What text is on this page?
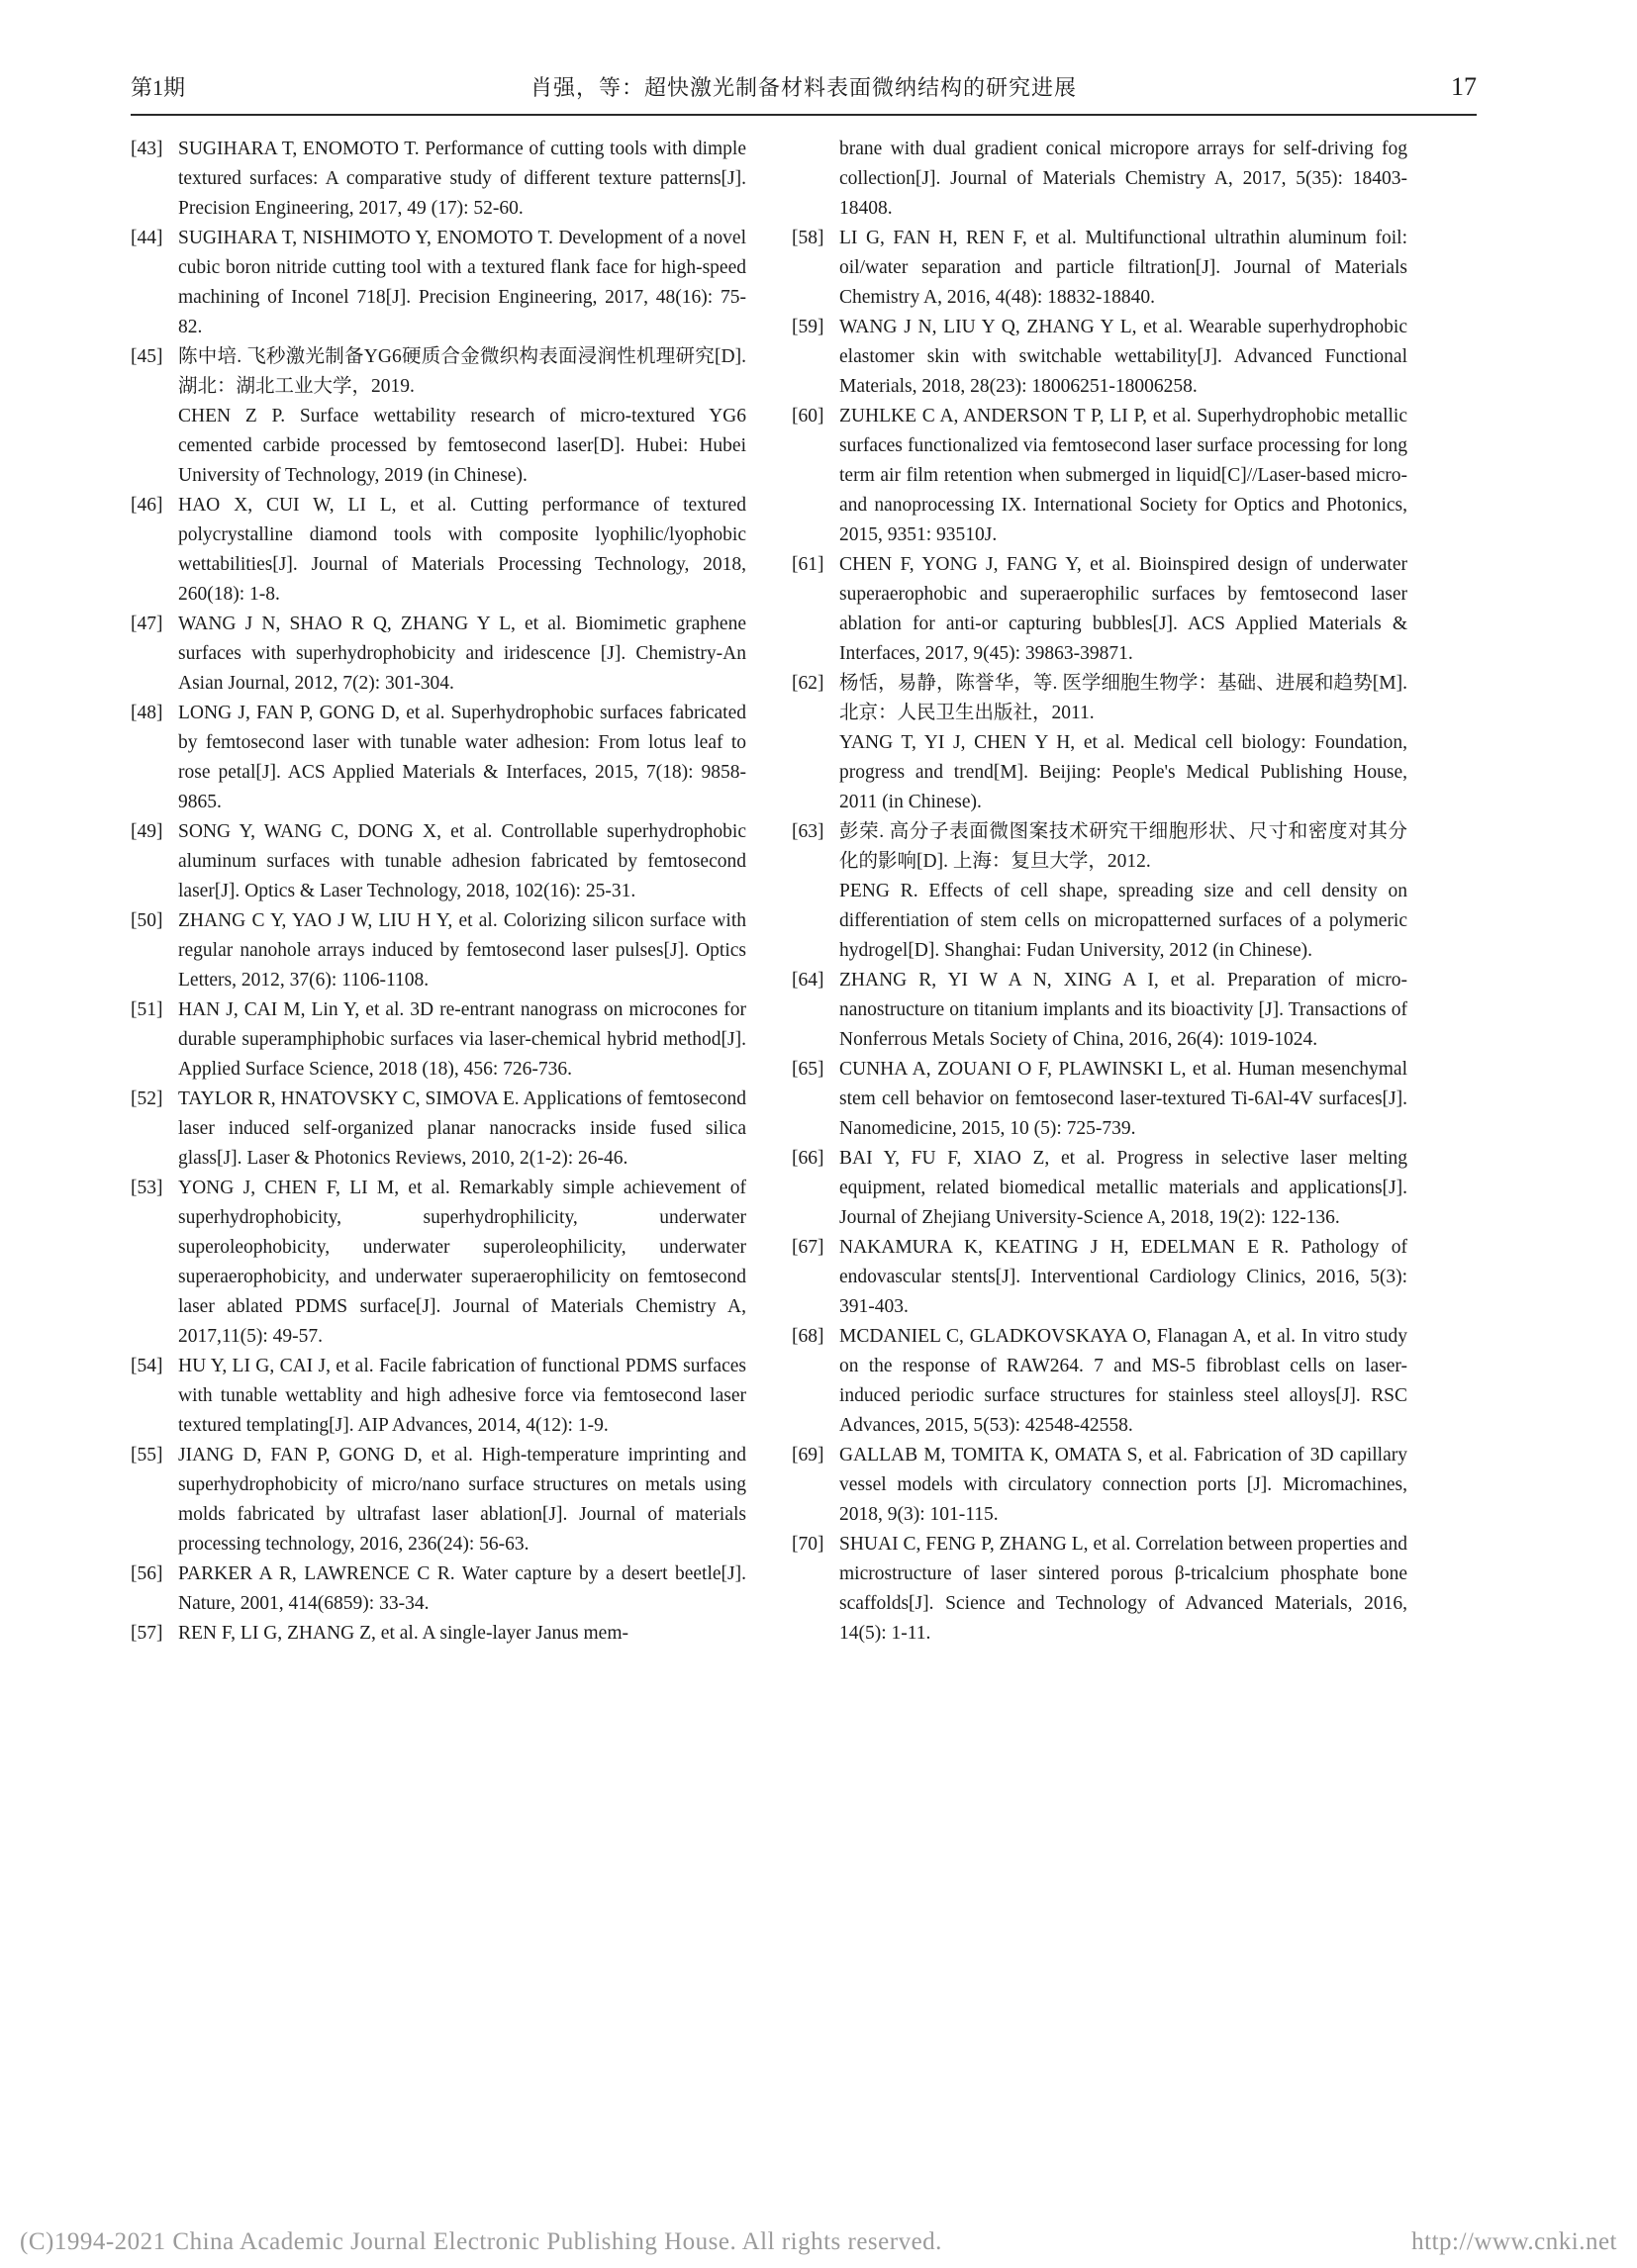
第1期	肖强，等：超快激光制备材料表面微纳结构的研究进展	17
[43] SUGIHARA T, ENOMOTO T. Performance of cutting tools with dimple textured surfaces: A comparative study of different texture patterns[J]. Precision Engineering, 2017, 49 (17): 52-60.
[44] SUGIHARA T, NISHIMOTO Y, ENOMOTO T. Development of a novel cubic boron nitride cutting tool with a textured flank face for high-speed machining of Inconel 718[J]. Precision Engineering, 2017, 48(16): 75-82.
[45] 陈中培. 飞秒激光制备YG6硬质合金微织构表面浸润性机理研究[D]. 湖北：湖北工业大学，2019.
CHEN Z P. Surface wettability research of micro-textured YG6 cemented carbide processed by femtosecond laser[D]. Hubei: Hubei University of Technology, 2019 (in Chinese).
[46] HAO X, CUI W, LI L, et al. Cutting performance of textured polycrystalline diamond tools with composite lyophilic/lyophobic wettabilities[J]. Journal of Materials Processing Technology, 2018, 260(18): 1-8.
[47] WANG J N, SHAO R Q, ZHANG Y L, et al. Biomimetic graphene surfaces with superhydrophobicity and iridescence [J]. Chemistry-An Asian Journal, 2012, 7(2): 301-304.
[48] LONG J, FAN P, GONG D, et al. Superhydrophobic surfaces fabricated by femtosecond laser with tunable water adhesion: From lotus leaf to rose petal[J]. ACS Applied Materials & Interfaces, 2015, 7(18): 9858-9865.
[49] SONG Y, WANG C, DONG X, et al. Controllable superhydrophobic aluminum surfaces with tunable adhesion fabricated by femtosecond laser[J]. Optics & Laser Technology, 2018, 102(16): 25-31.
[50] ZHANG C Y, YAO J W, LIU H Y, et al. Colorizing silicon surface with regular nanohole arrays induced by femtosecond laser pulses[J]. Optics Letters, 2012, 37(6): 1106-1108.
[51] HAN J, CAI M, Lin Y, et al. 3D re-entrant nanograss on microcones for durable superamphiphobic surfaces via laser-chemical hybrid method[J]. Applied Surface Science, 2018 (18), 456: 726-736.
[52] TAYLOR R, HNATOVSKY C, SIMOVA E. Applications of femtosecond laser induced self-organized planar nanocracks inside fused silica glass[J]. Laser & Photonics Reviews, 2010, 2(1-2): 26-46.
[53] YONG J, CHEN F, LI M, et al. Remarkably simple achievement of superhydrophobicity, superhydrophilicity, underwater superoleophobicity, underwater superoleophilicity, underwater superaerophobicity, and underwater superaerophilicity on femtosecond laser ablated PDMS surface[J]. Journal of Materials Chemistry A, 2017,11(5): 49-57.
[54] HU Y, LI G, CAI J, et al. Facile fabrication of functional PDMS surfaces with tunable wettablity and high adhesive force via femtosecond laser textured templating[J]. AIP Advances, 2014, 4(12): 1-9.
[55] JIANG D, FAN P, GONG D, et al. High-temperature imprinting and superhydrophobicity of micro/nano surface structures on metals using molds fabricated by ultrafast laser ablation[J]. Journal of materials processing technology, 2016, 236(24): 56-63.
[56] PARKER A R, LAWRENCE C R. Water capture by a desert beetle[J]. Nature, 2001, 414(6859): 33-34.
[57] REN F, LI G, ZHANG Z, et al. A single-layer Janus mem-
brane with dual gradient conical micropore arrays for self-driving fog collection[J]. Journal of Materials Chemistry A, 2017, 5(35): 18403-18408.
[58] LI G, FAN H, REN F, et al. Multifunctional ultrathin aluminum foil: oil/water separation and particle filtration[J]. Journal of Materials Chemistry A, 2016, 4(48): 18832-18840.
[59] WANG J N, LIU Y Q, ZHANG Y L, et al. Wearable superhydrophobic elastomer skin with switchable wettability[J]. Advanced Functional Materials, 2018, 28(23): 18006251-18006258.
[60] ZUHLKE C A, ANDERSON T P, LI P, et al. Superhydrophobic metallic surfaces functionalized via femtosecond laser surface processing for long term air film retention when submerged in liquid[C]//Laser-based micro-and nanoprocessing IX. International Society for Optics and Photonics, 2015, 9351: 93510J.
[61] CHEN F, YONG J, FANG Y, et al. Bioinspired design of underwater superaerophobic and superaerophilic surfaces by femtosecond laser ablation for anti-or capturing bubbles[J]. ACS Applied Materials & Interfaces, 2017, 9(45): 39863-39871.
[62] 杨恬，易静，陈誉华，等. 医学细胞生物学：基础、进展和趋势[M]. 北京：人民卫生出版社，2011.
YANG T, YI J, CHEN Y H, et al. Medical cell biology: Foundation, progress and trend[M]. Beijing: People's Medical Publishing House, 2011 (in Chinese).
[63] 彭荣. 高分子表面微图案技术研究干细胞形状、尺寸和密度对其分化的影响[D]. 上海：复旦大学，2012.
PENG R. Effects of cell shape, spreading size and cell density on differentiation of stem cells on micropatterned surfaces of a polymeric hydrogel[D]. Shanghai: Fudan University, 2012 (in Chinese).
[64] ZHANG R, YI W A N, XING A I, et al. Preparation of micro-nanostructure on titanium implants and its bioactivity [J]. Transactions of Nonferrous Metals Society of China, 2016, 26(4): 1019-1024.
[65] CUNHA A, ZOUANI O F, PLAWINSKI L, et al. Human mesenchymal stem cell behavior on femtosecond laser-textured Ti-6Al-4V surfaces[J]. Nanomedicine, 2015, 10 (5): 725-739.
[66] BAI Y, FU F, XIAO Z, et al. Progress in selective laser melting equipment, related biomedical metallic materials and applications[J]. Journal of Zhejiang University-Science A, 2018, 19(2): 122-136.
[67] NAKAMURA K, KEATING J H, EDELMAN E R. Pathology of endovascular stents[J]. Interventional Cardiology Clinics, 2016, 5(3): 391-403.
[68] MCDANIEL C, GLADKOVSKAYA O, Flanagan A, et al. In vitro study on the response of RAW264. 7 and MS-5 fibroblast cells on laser-induced periodic surface structures for stainless steel alloys[J]. RSC Advances, 2015, 5(53): 42548-42558.
[69] GALLAB M, TOMITA K, OMATA S, et al. Fabrication of 3D capillary vessel models with circulatory connection ports [J]. Micromachines, 2018, 9(3): 101-115.
[70] SHUAI C, FENG P, ZHANG L, et al. Correlation between properties and microstructure of laser sintered porous β-tricalcium phosphate bone scaffolds[J]. Science and Technology of Advanced Materials, 2016, 14(5): 1-11.
(C)1994-2021 China Academic Journal Electronic Publishing House. All rights reserved.	http://www.cnki.net
